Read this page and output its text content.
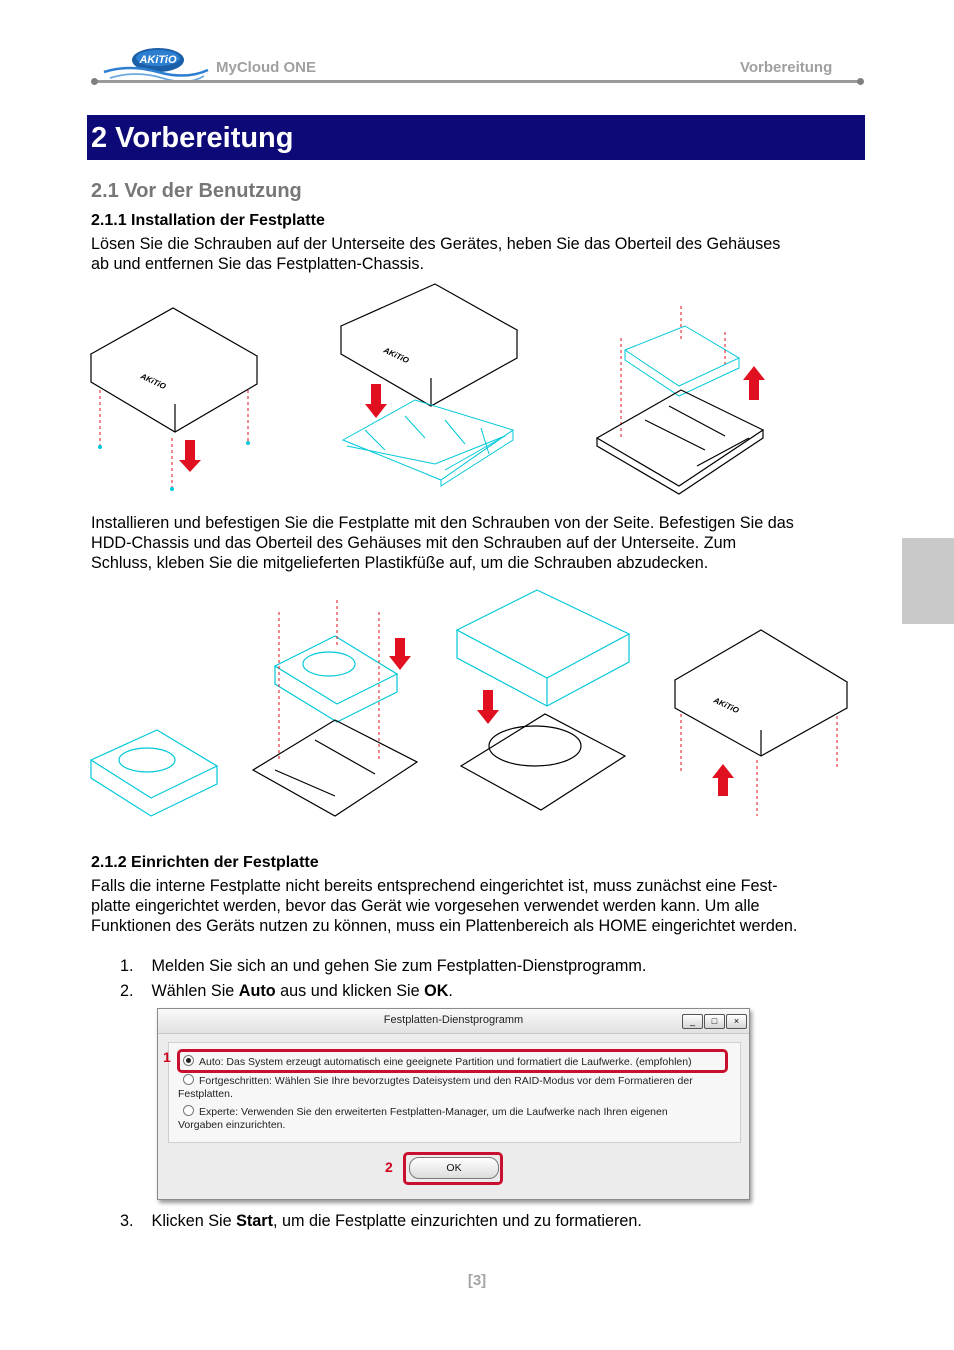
AKiTiO	MyCloud ONE	Vorbereitung
2 Vorbereitung
2.1 Vor der Benutzung
2.1.1 Installation der Festplatte
Lösen Sie die Schrauben auf der Unterseite des Gerätes, heben Sie das Oberteil des Gehäuses
ab und entfernen Sie das Festplatten-Chassis.
AKiTiO
AKiTiO
Installieren und befestigen Sie die Festplatte mit den Schrauben von der Seite. Befestigen Sie das
HDD-Chassis und das Oberteil des Gehäuses mit den Schrauben auf der Unterseite. Zum
Schluss, kleben Sie die mitgelieferten Plastikfüße auf, um die Schrauben abzudecken.
AKiTiO
2.1.2 Einrichten der Festplatte
Falls die interne Festplatte nicht bereits entsprechend eingerichtet ist, muss zunächst eine Fest-
platte eingerichtet werden, bevor das Gerät wie vorgesehen verwendet werden kann. Um alle
Funktionen des Geräts nutzen zu können, muss ein Plattenbereich als HOME eingerichtet werden.
1. Melden Sie sich an und gehen Sie zum Festplatten-Dienstprogramm.
2. Wählen Sie Auto aus und klicken Sie OK.
Festplatten-Dienstprogramm	_	□	×
Auto: Das System erzeugt automatisch eine geeignete Partition und formatiert die Laufwerke. (empfohlen)
Fortgeschritten: Wählen Sie Ihre bevorzugtes Dateisystem und den RAID-Modus vor dem Formatieren der
Festplatten.
Experte: Verwenden Sie den erweiterten Festplatten-Manager, um die Laufwerke nach Ihren eigenen
Vorgaben einzurichten.
OK
1
2
3. Klicken Sie Start, um die Festplatte einzurichten und zu formatieren.
[3]
